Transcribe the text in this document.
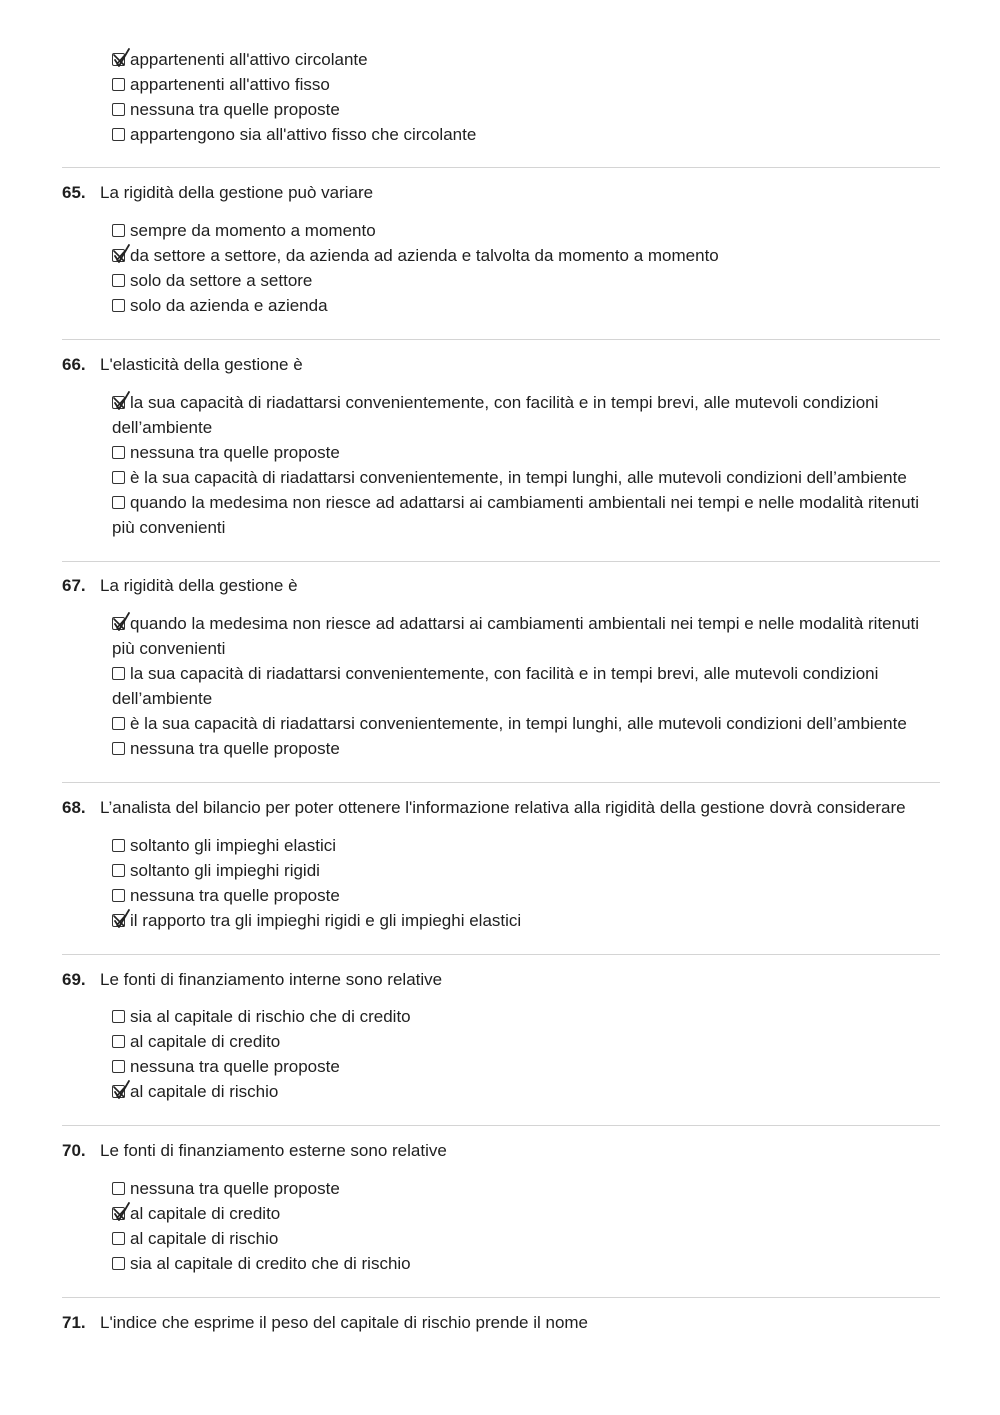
appartenenti all'attivo circolante
appartenenti all'attivo fisso
nessuna tra quelle proposte
appartengono sia all'attivo fisso che circolante
65. La rigidità della gestione può variare
sempre da momento a momento
da settore a settore, da azienda ad azienda e talvolta da momento a momento
solo da settore a settore
solo da azienda e azienda
66. L'elasticità della gestione è
la sua capacità di riadattarsi convenientemente, con facilità e in tempi brevi, alle mutevoli condizioni dell’ambiente
nessuna tra quelle proposte
è la sua capacità di riadattarsi convenientemente, in tempi lunghi, alle mutevoli condizioni dell’ambiente
quando la medesima non riesce ad adattarsi ai cambiamenti ambientali nei tempi e nelle modalità ritenuti più convenienti
67. La rigidità della gestione è
quando la medesima non riesce ad adattarsi ai cambiamenti ambientali nei tempi e nelle modalità ritenuti più convenienti
la sua capacità di riadattarsi convenientemente, con facilità e in tempi brevi, alle mutevoli condizioni dell’ambiente
è la sua capacità di riadattarsi convenientemente, in tempi lunghi, alle mutevoli condizioni dell’ambiente
nessuna tra quelle proposte
68. L’analista del bilancio per poter ottenere l'informazione relativa alla rigidità della gestione dovrà considerare
soltanto gli impieghi elastici
soltanto gli impieghi rigidi
nessuna tra quelle proposte
il rapporto tra gli impieghi rigidi e gli impieghi elastici
69. Le fonti di finanziamento interne sono relative
sia al capitale di rischio che di credito
al capitale di credito
nessuna tra quelle proposte
al capitale di rischio
70. Le fonti di finanziamento esterne sono relative
nessuna tra quelle proposte
al capitale di credito
al capitale di rischio
sia al capitale di credito che di rischio
71. L'indice che esprime il peso del capitale di rischio prende il nome
